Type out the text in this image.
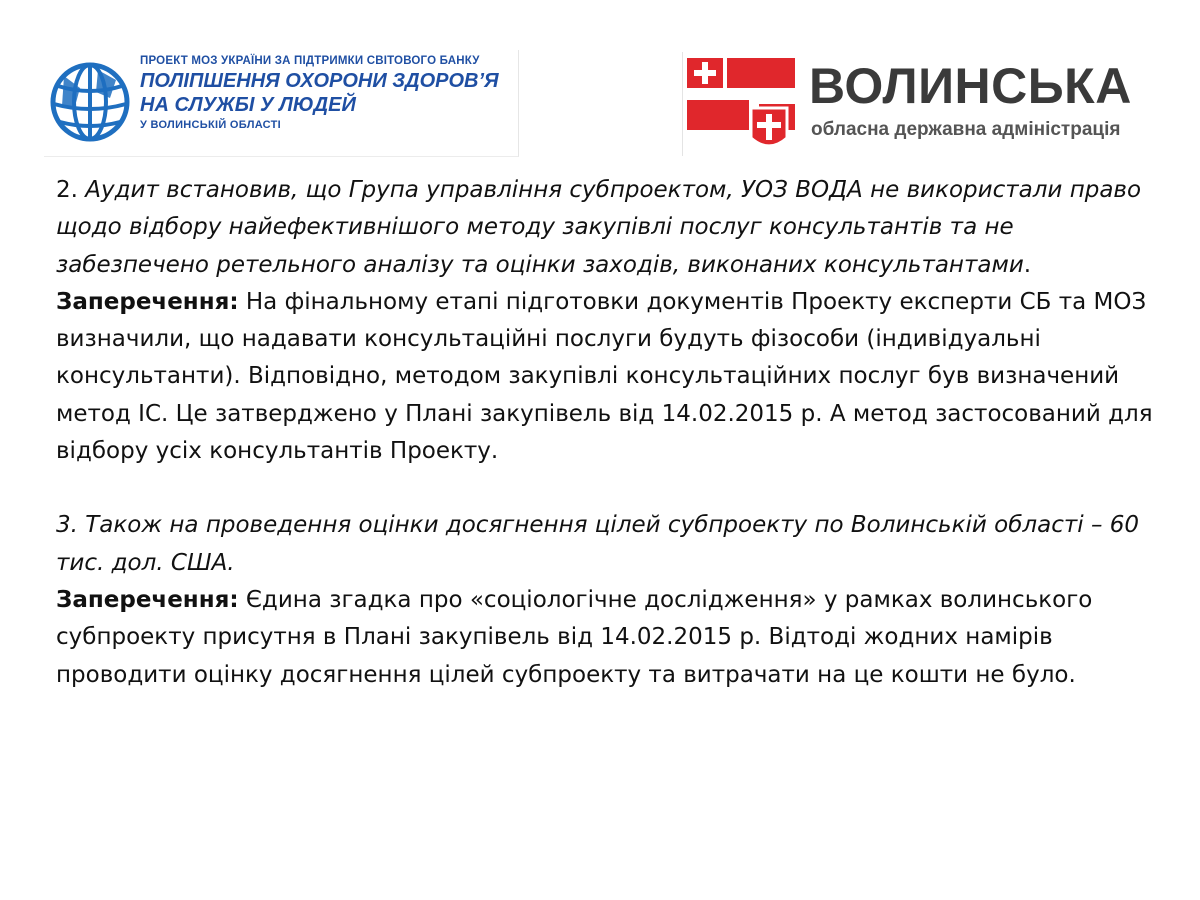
ПРОЕКТ МОЗ УКРАЇНИ ЗА ПІДТРИМКИ СВІТОВОГО БАНКУ
ПОЛІПШЕННЯ ОХОРОНИ ЗДОРОВ’Я
НА СЛУЖБІ У ЛЮДЕЙ
У ВОЛИНСЬКІЙ ОБЛАСТІ
ВОЛИНСЬКА
обласна державна адміністрація

2. Аудит встановив, що Група управління субпроектом, УОЗ ВОДА не використали право щодо відбору найефективнішого методу закупівлі послуг консультантів та не забезпечено ретельного аналізу та оцінки заходів, виконаних консультантами.

Заперечення: На фінальному етапі підготовки документів Проекту експерти СБ та МОЗ визначили, що надавати консультаційні послуги будуть фізособи (індивідуальні консультанти). Відповідно, методом закупівлі консультаційних послуг був визначений метод ІС. Це затверджено у Плані закупівель від 14.02.2015 р. А метод застосований для відбору усіх консультантів Проекту.

3. Також на проведення оцінки досягнення цілей субпроекту по Волинській області – 60 тис. дол. США.

Заперечення: Єдина згадка про «соціологічне дослідження» у рамках волинського субпроекту присутня в Плані закупівель від 14.02.2015 р. Відтоді жодних намірів проводити оцінку досягнення цілей субпроекту та витрачати на це кошти не було.
